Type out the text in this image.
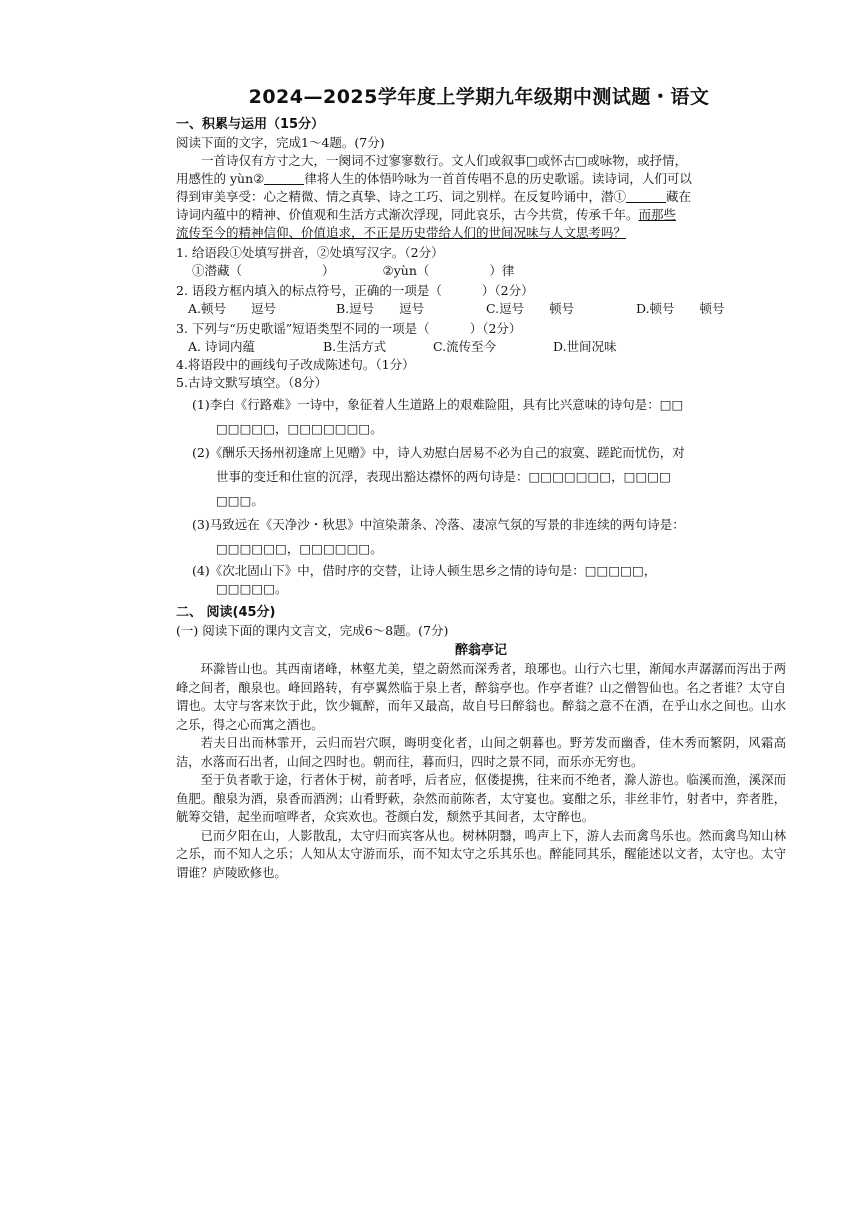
2024—2025学年度上学期九年级期中测试题・语文
一、积累与运用（15分）
阅读下面的文字，完成1～4题。(7分)

一首诗仅有方寸之大，一阕词不过寥寥数行。文人们或叙事□或怀古□或咏物，或抒情，

用感性的 yùn②	律将人生的体悟吟咏为一首首传唱不息的历史歌谣。读诗词，人们可以

得到审美享受：心之精微、情之真挚、诗之工巧、词之别样。在反复吟诵中，潜①	藏在

诗词内蕴中的精神、价值观和生活方式渐次浮现，同此哀乐，古今共赏，传承千年。而那些

流传至今的精神信仰、价值追求，不正是历史带给人们的世间况味与人文思考吗？

1. 给语段①处填写拼音，②处填写汉字。（2分）
①潜藏（	）	②yùn（	）律
2. 语段方框内填入的标点符号，正确的一项是（	）（2分）
A.顿号　　逗号	B.逗号　　逗号	C.逗号　　顿号	D.顿号　　顿号
3. 下列与“历史歌谣”短语类型不同的一项是（	）（2分）
A. 诗词内蕴	B.生活方式	C.流传至今	D.世间况味
4.将语段中的画线句子改成陈述句。（1分）
5.古诗文默写填空。（8分）
(1)李白《行路难》一诗中，象征着人生道路上的艰难险阻，具有比兴意味的诗句是：□□
□□□□□，□□□□□□□。
(2)《酬乐天扬州初逢席上见赠》中，诗人劝慰白居易不必为自己的寂寞、蹉跎而忧伤，对
世事的变迁和仕宦的沉浮，表现出豁达襟怀的两句诗是：□□□□□□□，□□□□
□□□。
(3)马致远在《天净沙・秋思》中渲染萧条、冷落、凄凉气氛的写景的非连续的两句诗是：
□□□□□□，□□□□□□。
(4)《次北固山下》中，借时序的交替，让诗人顿生思乡之情的诗句是：□□□□□，
□□□□□。
二、 阅读(45分)
(一) 阅读下面的课内文言文，完成6～8题。(7分)
醉翁亭记

环滁皆山也。其西南诸峰，林壑尤美，望之蔚然而深秀者，琅琊也。山行六七里，渐闻水声潺潺而泻出于两峰之间者，酿泉也。峰回路转，有亭翼然临于泉上者，醉翁亭也。作亭者谁？山之僧智仙也。名之者谁？太守自谓也。太守与客来饮于此，饮少辄醉，而年又最高，故自号曰醉翁也。醉翁之意不在酒，在乎山水之间也。山水之乐，得之心而寓之酒也。

若夫日出而林霏开，云归而岩穴暝，晦明变化者，山间之朝暮也。野芳发而幽香，佳木秀而繁阴，风霜高洁，水落而石出者，山间之四时也。朝而往，暮而归，四时之景不同，而乐亦无穷也。

至于负者歌于途，行者休于树，前者呼，后者应，伛偻提携，往来而不绝者，滁人游也。临溪而渔，溪深而鱼肥。酿泉为酒，泉香而酒洌；山肴野蔌，杂然而前陈者，太守宴也。宴酣之乐，非丝非竹，射者中，弈者胜，觥筹交错，起坐而喧哗者，众宾欢也。苍颜白发，颓然乎其间者，太守醉也。

已而夕阳在山，人影散乱，太守归而宾客从也。树林阴翳，鸣声上下，游人去而禽鸟乐也。然而禽鸟知山林之乐，而不知人之乐；人知从太守游而乐，而不知太守之乐其乐也。醉能同其乐，醒能述以文者，太守也。太守谓谁？庐陵欧修也。
